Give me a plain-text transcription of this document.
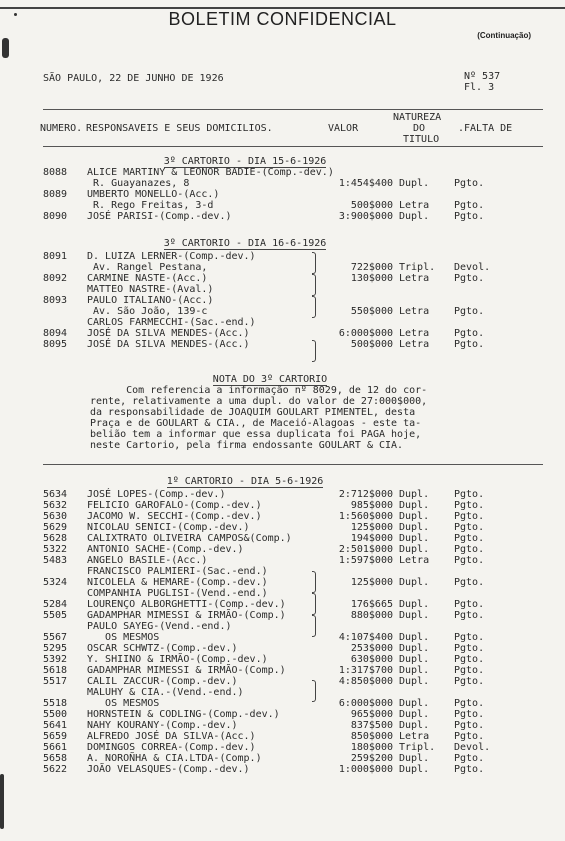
BOLETIM CONFIDENCIAL
(Continuação)
SÃO PAULO, 22 DE JUNHO DE 1926	Nº 537
Fl. 3
NUMERO. RESPONSAVEIS E SEUS DOMICILIOS.	VALOR
NATUREZA
DO
TITULO
.FALTA DE
3º CARTORIO - DIA 15-6-1926
8088 ALICE MARTINY & LEONOR BADIE-(Comp.-dev.)
R. Guayanazes, 8	1:454$400 Dupl. Pgto.
8089 UMBERTO MONELLO-(Acc.)
R. Rego Freitas, 3-d	500$000 Letra Pgto.
8090 JOSÉ PARISI-(Comp.-dev.)	3:900$000 Dupl. Pgto.
3º CARTORIO - DIA 16-6-1926
8091 D. LUIZA LERNER-(Comp.-dev.)
Av. Rangel Pestana,	722$000 Tripl. Devol.
8092 CARMINE NASTE-(Acc.)	130$000 Letra Pgto.
MATTEO NASTRE-(Aval.)
8093 PAULO ITALIANO-(Acc.)
Av. São João, 139-c	550$000 Letra Pgto.
CARLOS FARMECCHI-(Sac.-end.)
8094 JOSÉ DA SILVA MENDES-(Acc.)	6:000$000 Letra Pgto.
8095 JOSÉ DA SILVA MENDES-(Acc.)	500$000 Letra Pgto.
1º CARTORIO - DIA 5-6-1926
5634 JOSÉ LOPES-(Comp.-dev.)	2:712$000 Dupl. Pgto.
5632 FELICIO GAROFALO-(Comp.-dev.)	985$000 Dupl. Pgto.
5630 JACOMO W. SECCHI-(Comp.-dev.)	1:560$000 Dupl. Pgto.
5629 NICOLAU SENICI-(Comp.-dev.)	125$000 Dupl. Pgto.
5628 CALIXTRATO OLIVEIRA CAMPOS&(Comp.)	194$000 Dupl. Pgto.
5322 ANTONIO SACHE-(Comp.-dev.)	2:501$000 Dupl. Pgto.
5483 ANGELO BASILE-(Acc.)	1:597$000 Letra Pgto.
FRANCISCO PALMIERI-(Sac.-end.)
5324 NICOLELA & HEMARE-(Comp.-dev.)	125$000 Dupl. Pgto.
COMPANHIA PUGLISI-(Vend.-end.)
5284 LOURENÇO ALBORGHETTI-(Comp.-dev.)	176$665 Dupl. Pgto.
5505 GADAMPHAR MIMESSI & IRMÃO-(Comp.)	880$000 Dupl. Pgto.
PAULO SAYEG-(Vend.-end.)
5567 OS MESMOS	4:107$400 Dupl. Pgto.
5295 OSCAR SCHWTZ-(Comp.-dev.)	253$000 Dupl. Pgto.
5392 Y. SHIINO & IRMÃO-(Comp.-dev.)	630$000 Dupl. Pgto.
5618 GADAMPHAR MIMESSI & IRMÃO-(Comp.)	1:317$700 Dupl. Pgto.
5517 CALIL ZACCUR-(Comp.-dev.)	4:850$000 Dupl. Pgto.
MALUHY & CIA.-(Vend.-end.)
5518 OS MESMOS	6:000$000 Dupl. Pgto.
5500 HORNSTEIN & CODLING-(Comp.-dev.)	965$000 Dupl. Pgto.
5641 NAHY KOURANY-(Comp.-dev.)	837$500 Dupl. Pgto.
5659 ALFREDO JOSÉ DA SILVA-(Acc.)	850$000 Letra Pgto.
5661 DOMINGOS CORREA-(Comp.-dev.)	180$000 Tripl. Devol.
5658 A. NOROÑHA & CIA.LTDA-(Comp.)	259$200 Dupl. Pgto.
5622 JOÃO VELASQUES-(Comp.-dev.)	1:000$000 Dupl. Pgto.
NOTA DO 3º CARTORIO
Com referencia a informação nº 8029, de 12 do cor-
rente, relativamente a uma dupl. do valor de 27:000$000,
da responsabilidade de JOAQUIM GOULART PIMENTEL, desta
Praça e de GOULART & CIA., de Maceió-Alagoas - este ta-
belião tem a informar que essa duplicata foi PAGA hoje,
neste Cartorio, pela firma endossante GOULART & CIA.
